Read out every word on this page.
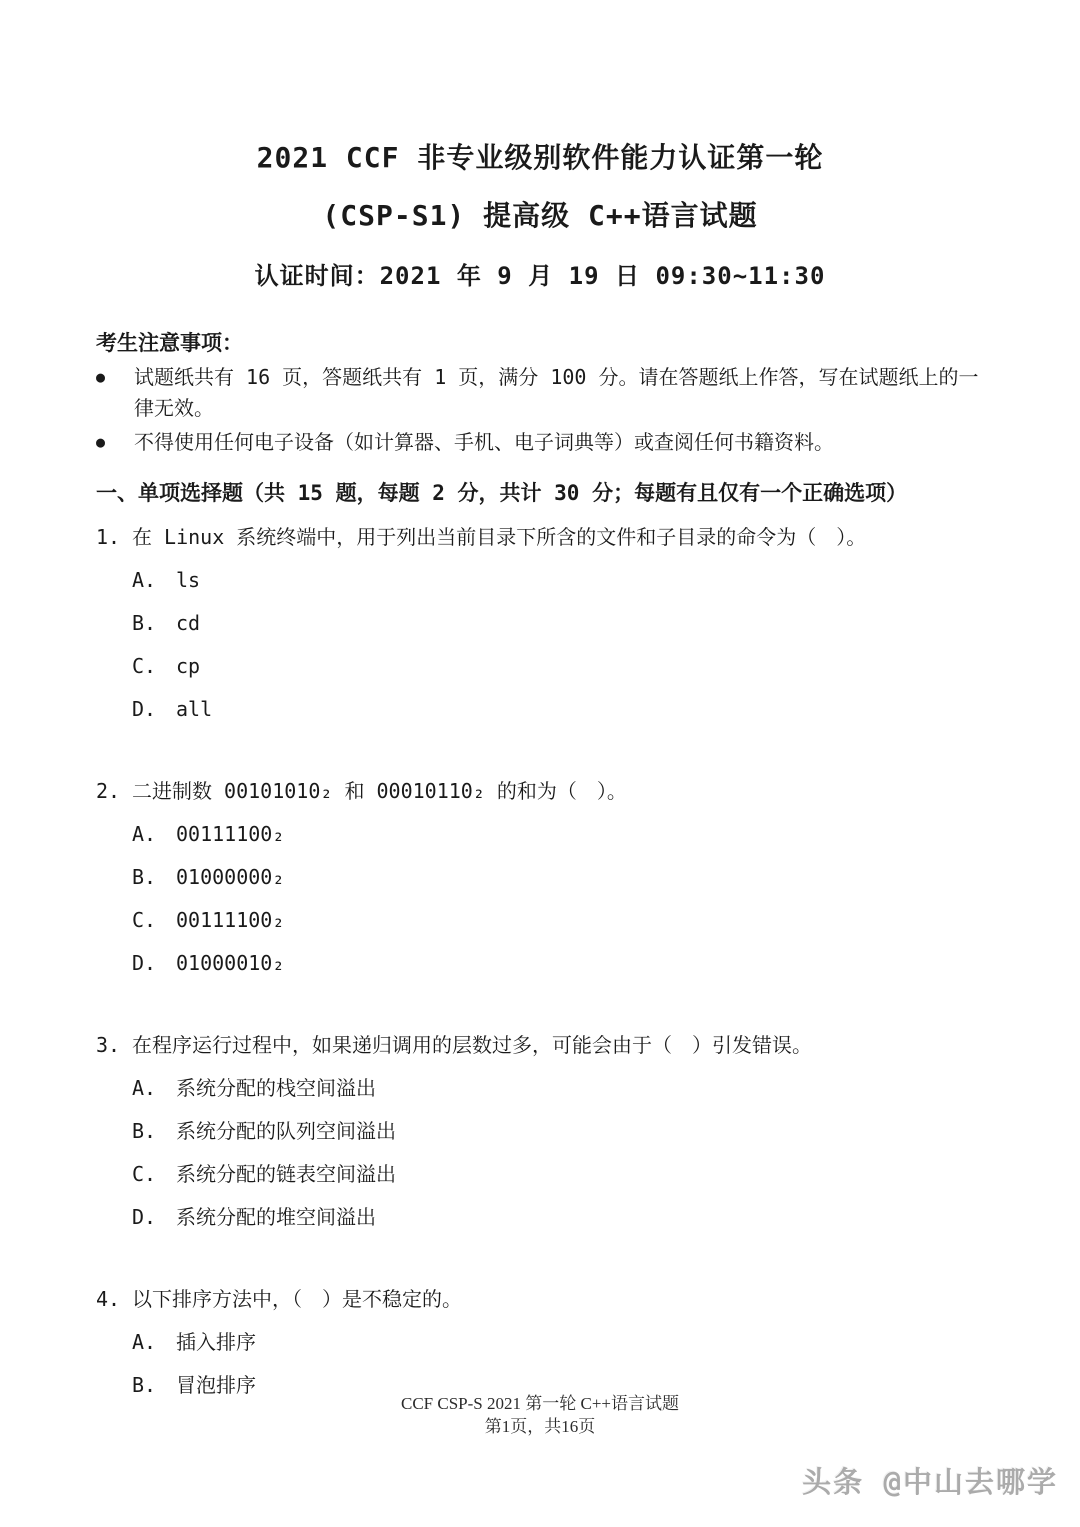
2021 CCF 非专业级别软件能力认证第一轮
(CSP-S1) 提高级 C++语言试题
认证时间：2021 年 9 月 19 日 09:30~11:30
考生注意事项：
●	试题纸共有 16 页，答题纸共有 1 页，满分 100 分。请在答题纸上作答，写在试题纸上的一律无效。
●	不得使用任何电子设备（如计算器、手机、电子词典等）或查阅任何书籍资料。
一、单项选择题（共 15 题，每题 2 分，共计 30 分；每题有且仅有一个正确选项）
1. 在 Linux 系统终端中，用于列出当前目录下所含的文件和子目录的命令为（　）。
A. ls
B. cd
C. cp
D. all
2. 二进制数 00101010₂ 和 00010110₂ 的和为（　）。
A. 00111100₂
B. 01000000₂
C. 00111100₂
D. 01000010₂
3. 在程序运行过程中，如果递归调用的层数过多，可能会由于（　）引发错误。
A. 系统分配的栈空间溢出
B. 系统分配的队列空间溢出
C. 系统分配的链表空间溢出
D. 系统分配的堆空间溢出
4. 以下排序方法中，（　）是不稳定的。
A. 插入排序
B. 冒泡排序
CCF CSP-S 2021 第一轮 C++语言试题
第1页，共16页
头条 @中山去哪学
